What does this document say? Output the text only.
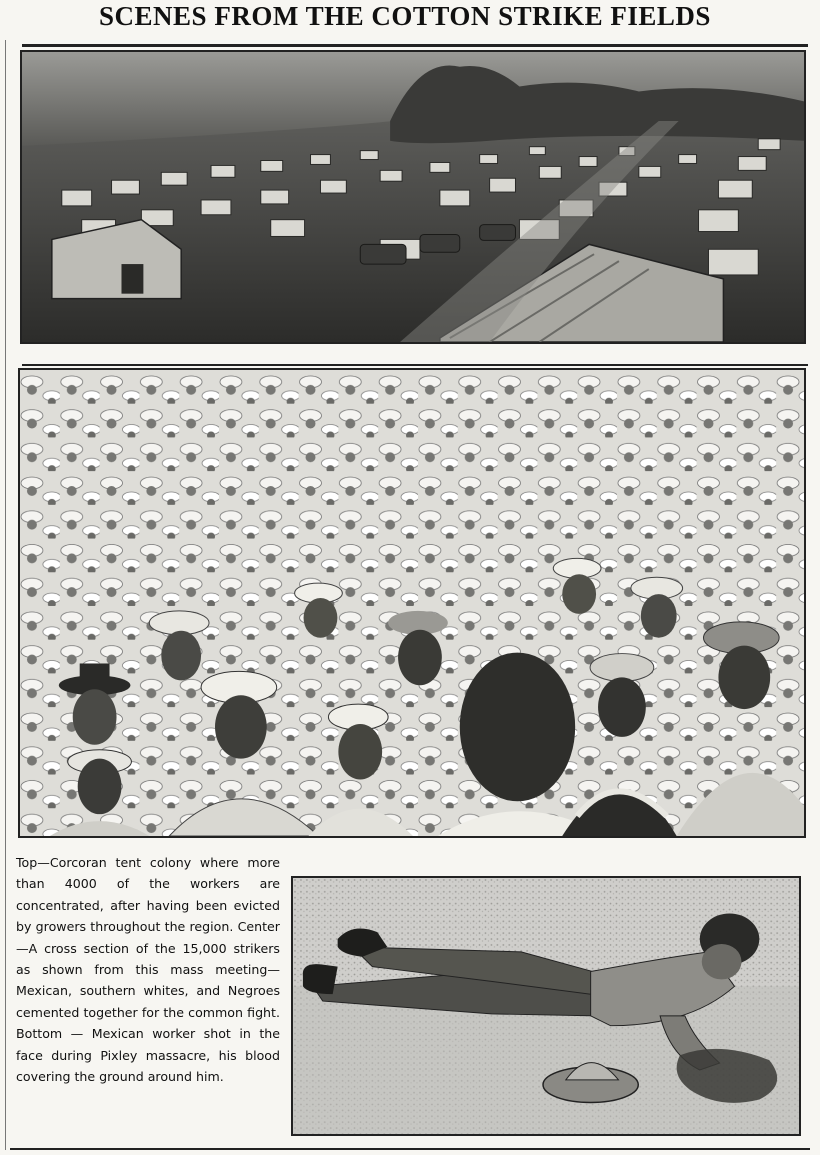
SCENES FROM THE COTTON STRIKE FIELDS
Top—Corcoran tent colony where more than 4000 of the workers are concentrated, after having been evicted by growers throughout the region. Center—A cross section of the 15,000 strikers as shown from this mass meeting—Mexican, southern whites, and Negroes cemented together for the common fight. Bottom — Mexican worker shot in the face during Pixley massacre, his blood covering the ground around him.
